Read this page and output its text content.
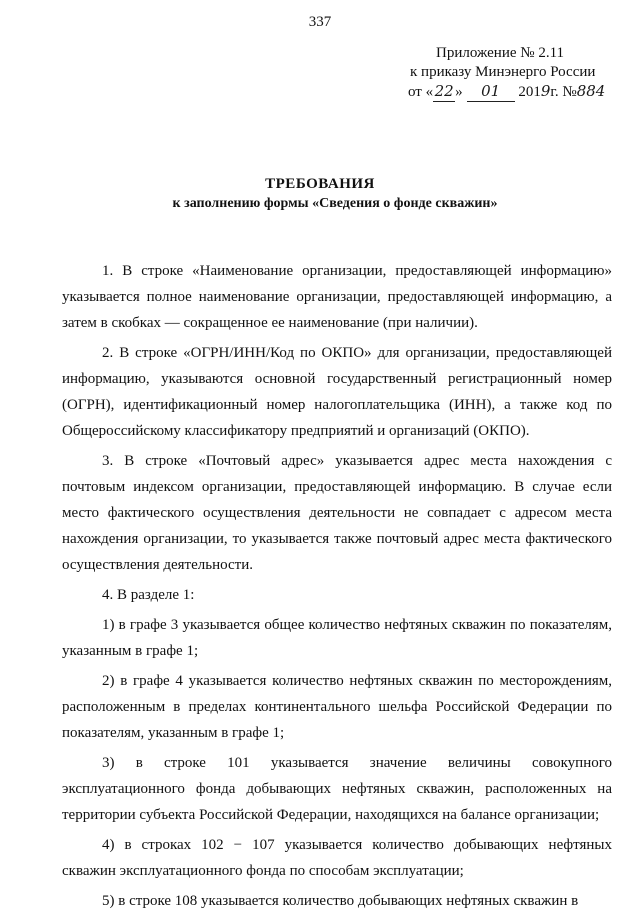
337
Приложение № 2.11
к приказу Минэнерго России
от «22» 01 2019г. №884
ТРЕБОВАНИЯ
к заполнению формы «Сведения о фонде скважин»

1. В строке «Наименование организации, предоставляющей информацию» указывается полное наименование организации, предоставляющей информацию, а затем в скобках — сокращенное ее наименование (при наличии).

2. В строке «ОГРН/ИНН/Код по ОКПО» для организации, предоставляющей информацию, указываются основной государственный регистрационный номер (ОГРН), идентификационный номер налогоплательщика (ИНН), а также код по Общероссийскому классификатору предприятий и организаций (ОКПО).

3. В строке «Почтовый адрес» указывается адрес места нахождения с почтовым индексом организации, предоставляющей информацию. В случае если место фактического осуществления деятельности не совпадает с адресом места нахождения организации, то указывается также почтовый адрес места фактического осуществления деятельности.

4. В разделе 1:

1) в графе 3 указывается общее количество нефтяных скважин по показателям, указанным в графе 1;

2) в графе 4 указывается количество нефтяных скважин по месторождениям, расположенным в пределах континентального шельфа Российской Федерации по показателям, указанным в графе 1;

3) в строке 101 указывается значение величины совокупного эксплуатационного фонда добывающих нефтяных скважин, расположенных на территории субъекта Российской Федерации, находящихся на балансе организации;

4) в строках 102 − 107 указывается количество добывающих нефтяных скважин эксплуатационного фонда по способам эксплуатации;

5) в строке 108 указывается количество добывающих нефтяных скважин в
